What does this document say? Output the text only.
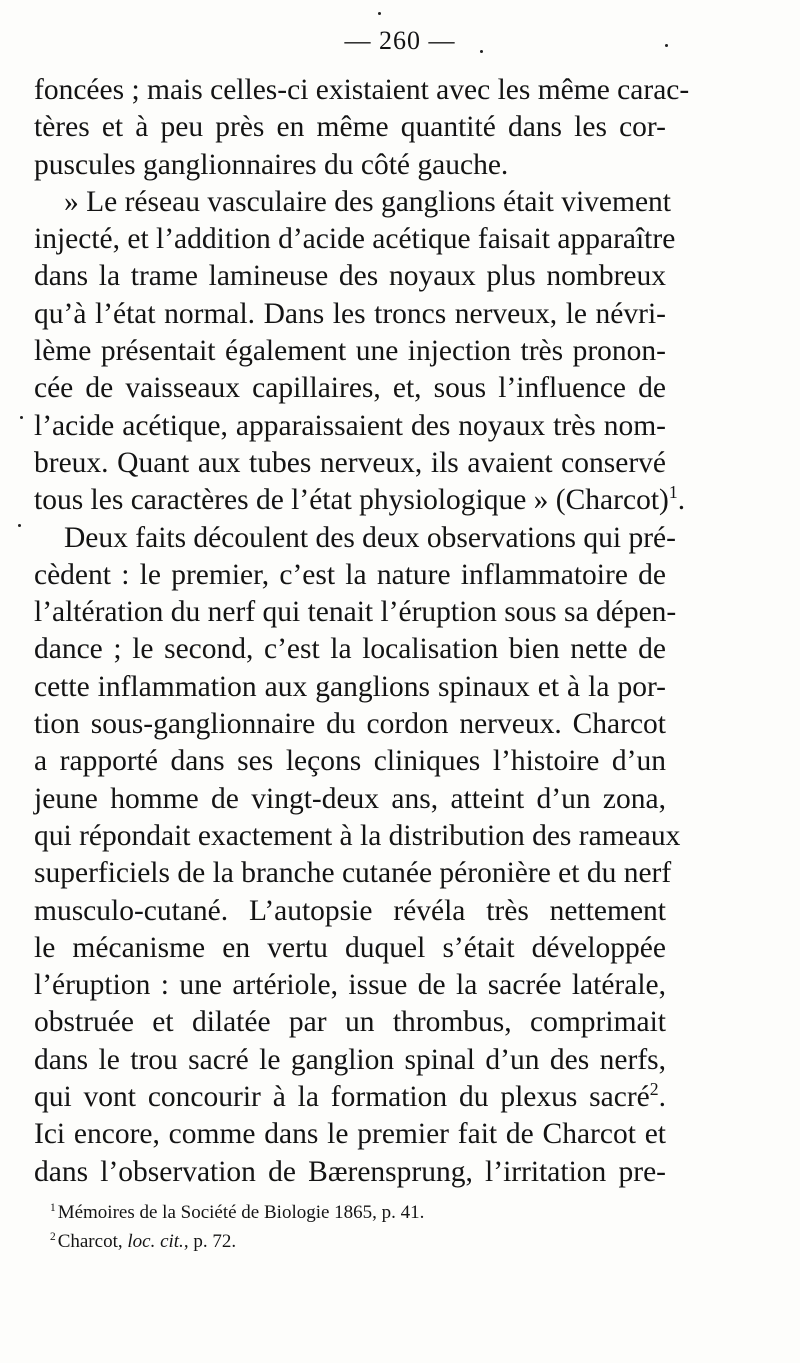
— 260 —
foncées ; mais celles-ci existaient avec les même carac-
tères et à peu près en même quantité dans les cor-
puscules ganglionnaires du côté gauche.
» Le réseau vasculaire des ganglions était vivement
injecté, et l’addition d’acide acétique faisait apparaître
dans la trame lamineuse des noyaux plus nombreux
qu’à l’état normal. Dans les troncs nerveux, le névri-
lème présentait également une injection très pronon-
cée de vaisseaux capillaires, et, sous l’influence de
l’acide acétique, apparaissaient des noyaux très nom-
breux. Quant aux tubes nerveux, ils avaient conservé
tous les caractères de l’état physiologique » (Charcot)$^1$.
Deux faits découlent des deux observations qui pré-
cèdent : le premier, c’est la nature inflammatoire de
l’altération du nerf qui tenait l’éruption sous sa dépen-
dance ; le second, c’est la localisation bien nette de
cette inflammation aux ganglions spinaux et à la por-
tion sous-ganglionnaire du cordon nerveux. Charcot
a rapporté dans ses leçons cliniques l’histoire d’un
jeune homme de vingt-deux ans, atteint d’un zona,
qui répondait exactement à la distribution des rameaux
superficiels de la branche cutanée péronière et du nerf
musculo-cutané. L’autopsie révéla très nettement
le mécanisme en vertu duquel s’était développée
l’éruption : une artériole, issue de la sacrée latérale,
obstruée et dilatée par un thrombus, comprimait
dans le trou sacré le ganglion spinal d’un des nerfs,
qui vont concourir à la formation du plexus sacré$^2$.
Ici encore, comme dans le premier fait de Charcot et
dans l’observation de Bærensprung, l’irritation pre-
$^1$ Mémoires de la Société de Biologie 1865, p. 41.
$^2$ Charcot, loc. cit., p. 72.
